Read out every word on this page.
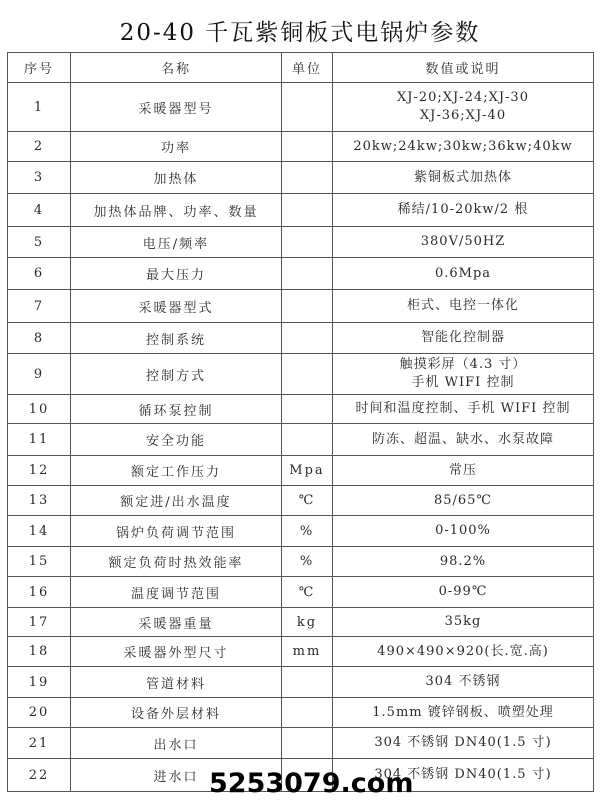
20-40 千瓦紫铜板式电锅炉参数
序号	名称	单位	数值或说明
1	采暖器型号		XJ-20;XJ-24;XJ-30
XJ-36;XJ-40

2	功率		20kw;24kw;30kw;36kw;40kw

3	加热体		紫铜板式加热体

4	加热体品牌、功率、数量		稀结/10-20kw/2 根

5	电压/频率		380V/50HZ

6	最大压力		0.6Mpa

7	采暖器型式		柜式、电控一体化

8	控制系统		智能化控制器

9	控制方式		触摸彩屏（4.3 寸）
手机 WIFI 控制

10	循环泵控制		时间和温度控制、手机 WIFI 控制

11	安全功能		防冻、超温、缺水、水泵故障

12	额定工作压力	Mpa	常压

13	额定进/出水温度	℃	85/65℃

14	锅炉负荷调节范围	%	0-100%

15	额定负荷时热效能率	%	98.2%

16	温度调节范围	℃	0-99℃

17	采暖器重量	kg	35kg

18	采暖器外型尺寸	mm	490×490×920(长.宽.高)

19	管道材料		304 不锈钢

20	设备外层材料		1.5mm 镀锌钢板、喷塑处理

21	出水口		304 不锈钢 DN40(1.5 寸)

22	进水口		304 不锈钢 DN40(1.5 寸)
5253079.com
